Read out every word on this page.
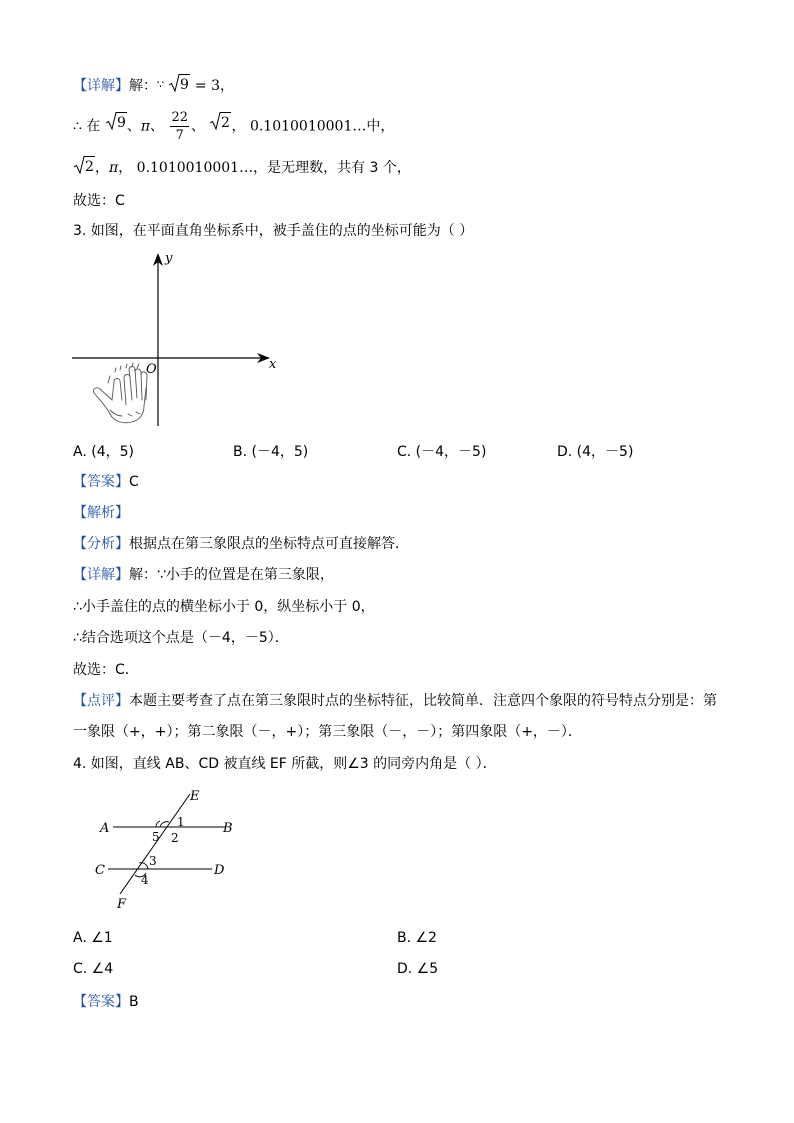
【详解】解：∵ 9 = 3，
∴ 在 9 、π、 $\frac{22}{7}$ 、 2 ， 0.1010010001…中，
2 ，π， 0.1010010001…，是无理数，共有 3 个，
故选：C
3. 如图，在平面直角坐标系中，被手盖住的点的坐标可能为（ ）
y
x
O
A. (4，5)	B. (－4，5)	C. (－4，－5)	D. (4，－5)
【答案】C
【解析】
【分析】根据点在第三象限点的坐标特点可直接解答．
【详解】解：∵小手的位置是在第三象限，
∴小手盖住的点的横坐标小于 0，纵坐标小于 0，
∴结合选项这个点是（－4，－5）．
故选：C．
【点评】本题主要考查了点在第三象限时点的坐标特征，比较简单．注意四个象限的符号特点分别是：第
一象限（+，+）；第二象限（－，+）；第三象限（－，－）；第四象限（+，－）．
4. 如图，直线 AB、CD 被直线 EF 所截，则∠3 的同旁内角是（ ）．
E
A	B
C	D
F
1
2
3
4
5
A. ∠1	B. ∠2
C. ∠4	D. ∠5
【答案】B
